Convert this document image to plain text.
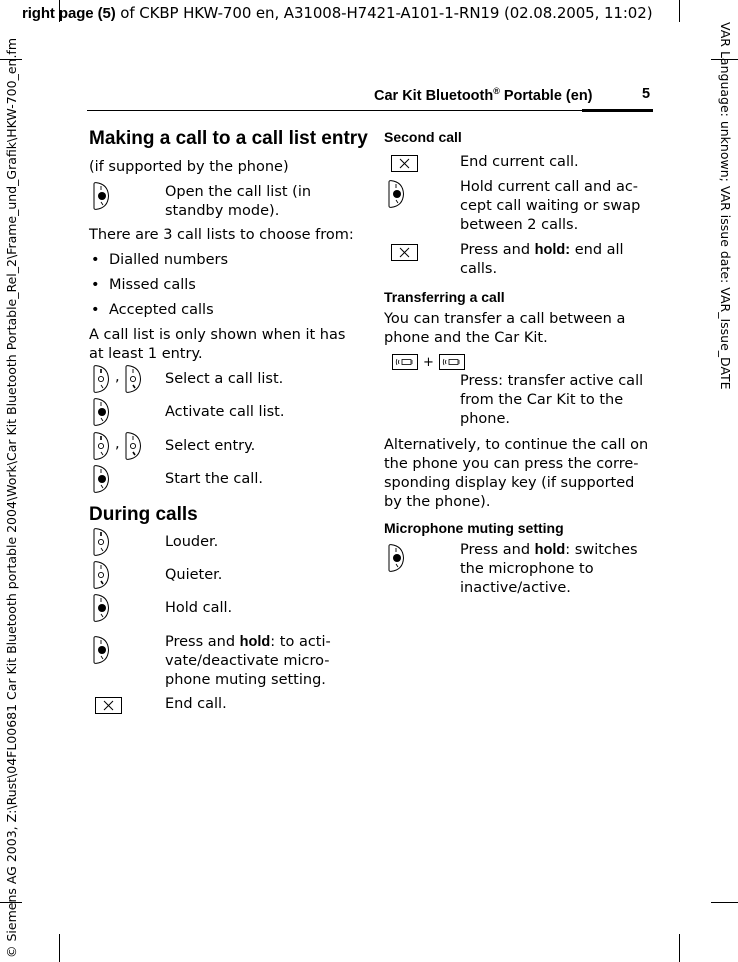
right page (5) of CKBP HKW-700 en, A31008-H7421-A101-1-RN19 (02.08.2005, 11:02)
© Siemens AG 2003, Z:\Rust\04FL00681 Car Kit Bluetooth portable 2004\Work\Car Kit Bluetooth Portable_Rel_2\Frame_und_Grafik\HKW-700_en.fm	VAR Language: unknown; VAR issue date: VAR_Issue_DATE
Car Kit Bluetooth® Portable (en)	5
Making a call to a call list entry
(if supported by the phone)
Open the call list (in standby mode).
There are 3 call lists to choose from:
• Dialled numbers
• Missed calls
• Accepted calls
A call list is only shown when it has at least 1 entry.
,	Select a call list.
Activate call list.
,	Select entry.
Start the call.
During calls
Louder.
Quieter.
Hold call.
Press and hold: to acti-vate/deactivate micro-phone muting setting.
End call.
Second call
End current call.
Hold current call and ac-cept call waiting or swap between 2 calls.
Press and hold: end all calls.
Transferring a call
You can transfer a call between a phone and the Car Kit.
+
Press: transfer active call from the Car Kit to the phone.
Alternatively, to continue the call on the phone you can press the corre-sponding display key (if supported by the phone).
Microphone muting setting
Press and hold: switches the microphone to inactive/active.
